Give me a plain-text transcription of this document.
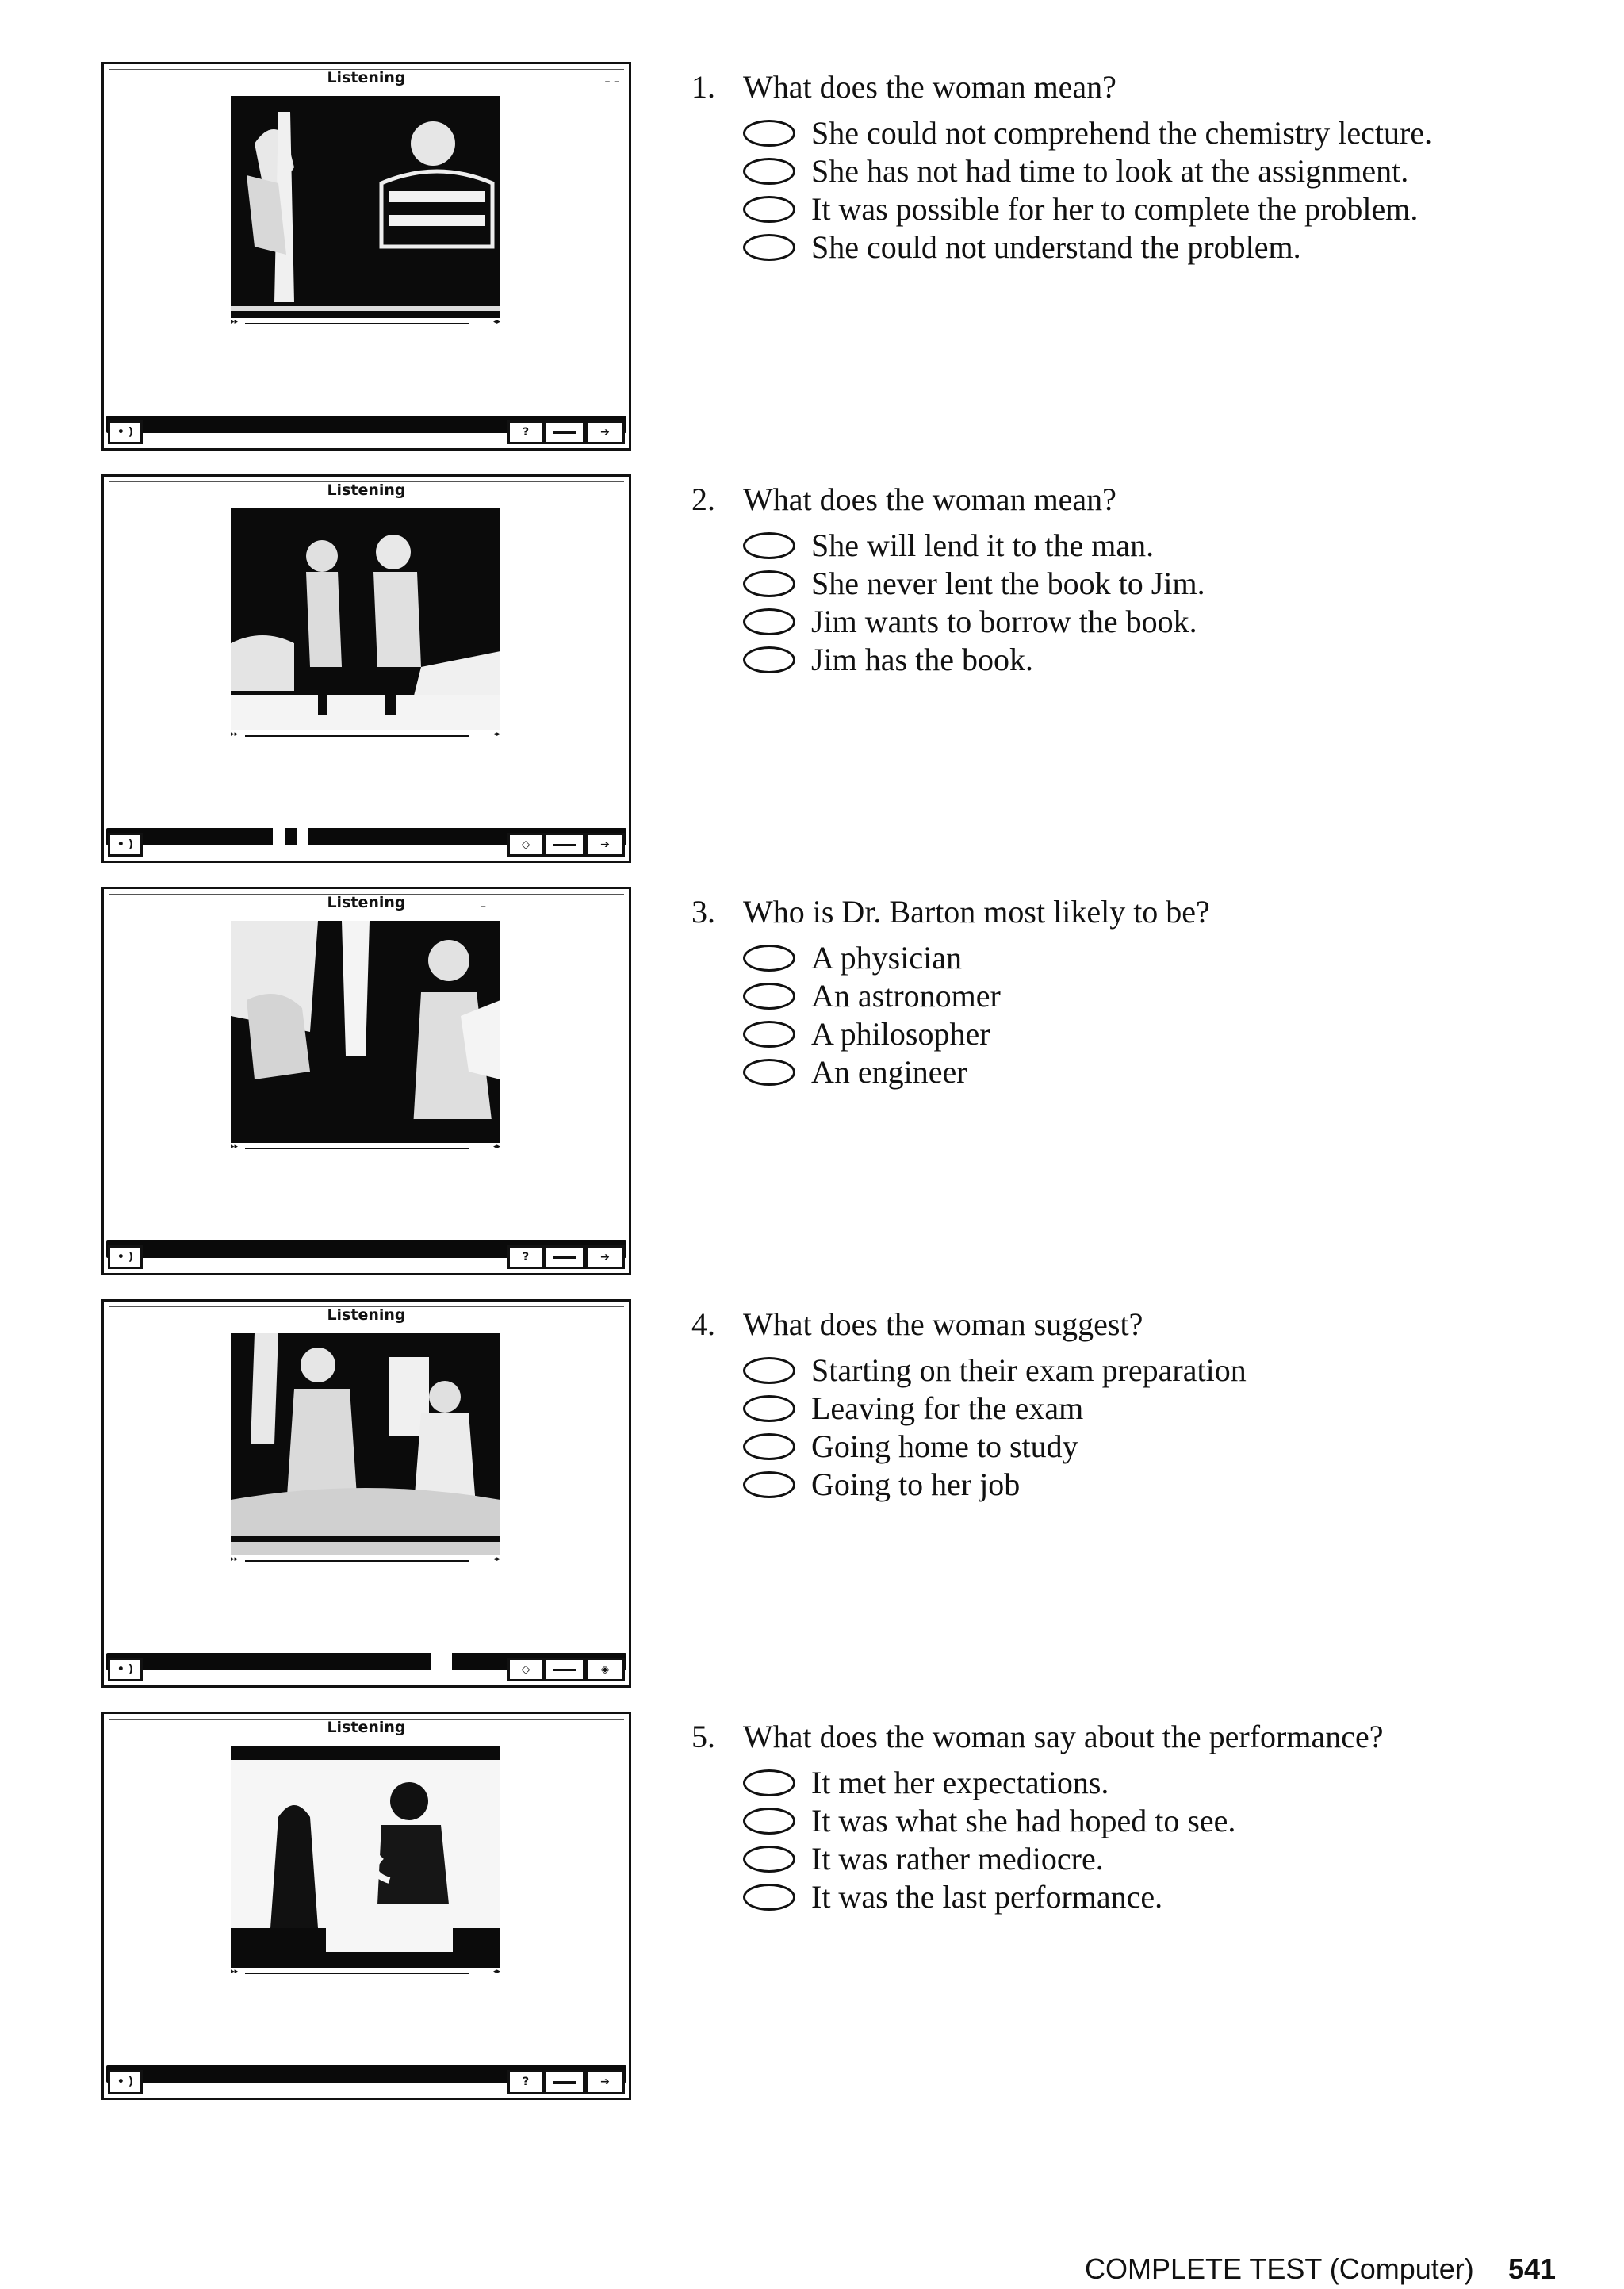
Listening	– –
▸▸	◂▸
• )	?	➔
1. What does the woman mean?
She could not comprehend the chemistry lecture.
She has not had time to look at the assignment.
It was possible for her to complete the problem.
She could not understand the problem.
Listening
▸▸	◂▸
• )	◇	➔
2. What does the woman mean?
She will lend it to the man.
She never lent the book to Jim.
Jim wants to borrow the book.
Jim has the book.
Listening	–
▸▸	◂▸
• )	?	➔
3. Who is Dr. Barton most likely to be?
A physician
An astronomer
A philosopher
An engineer
Listening
▸▸	◂▸
• )	◇	◈
4. What does the woman suggest?
Starting on their exam preparation
Leaving for the exam
Going home to study
Going to her job
Listening
▸▸	◂▸
• )	?	➔
5. What does the woman say about the performance?
It met her expectations.
It was what she had hoped to see.
It was rather mediocre.
It was the last performance.
COMPLETE TEST (Computer) 541
